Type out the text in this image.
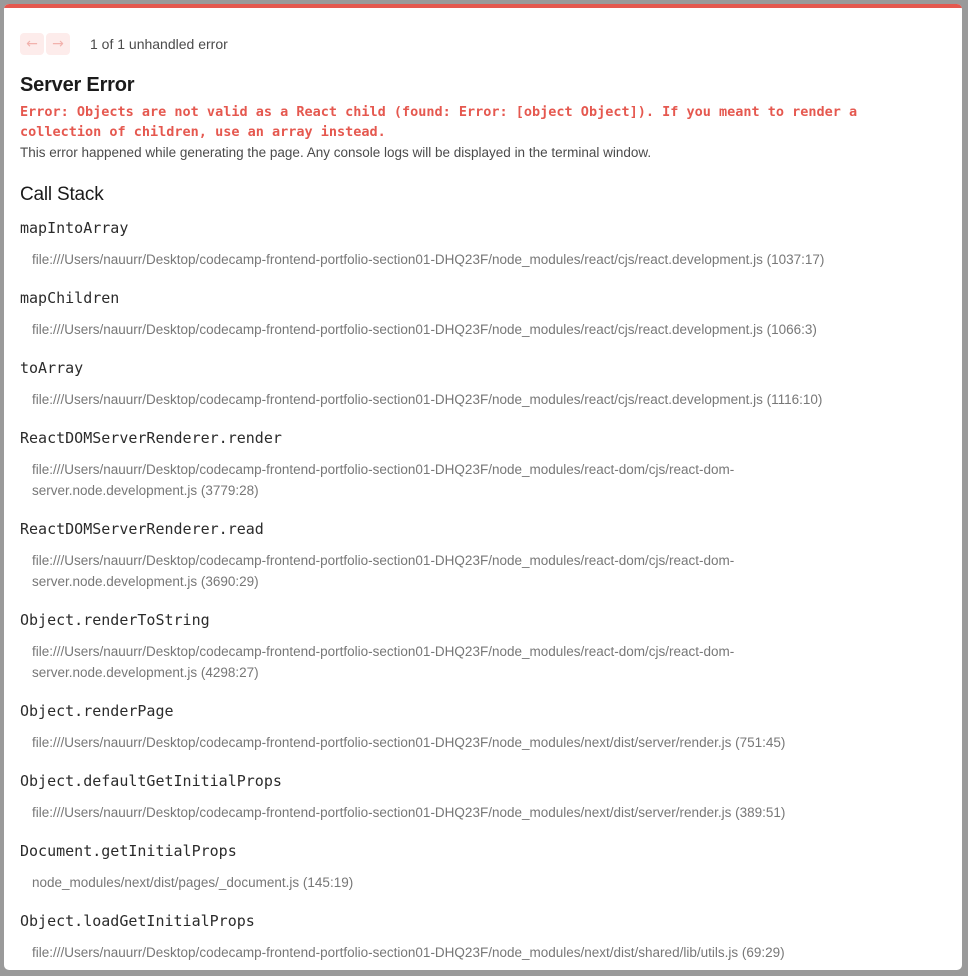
← → 1 of 1 unhandled error
Server Error
Error: Objects are not valid as a React child (found: Error: [object Object]). If you meant to render a
collection of children, use an array instead.
This error happened while generating the page. Any console logs will be displayed in the terminal window.
Call Stack
mapIntoArray
file:///Users/nauurr/Desktop/codecamp-frontend-portfolio-section01-DHQ23F/node_modules/react/cjs/react.development.js (1037:17)
mapChildren
file:///Users/nauurr/Desktop/codecamp-frontend-portfolio-section01-DHQ23F/node_modules/react/cjs/react.development.js (1066:3)
toArray
file:///Users/nauurr/Desktop/codecamp-frontend-portfolio-section01-DHQ23F/node_modules/react/cjs/react.development.js (1116:10)
ReactDOMServerRenderer.render
file:///Users/nauurr/Desktop/codecamp-frontend-portfolio-section01-DHQ23F/node_modules/react-dom/cjs/react-dom-server.node.development.js (3779:28)
ReactDOMServerRenderer.read
file:///Users/nauurr/Desktop/codecamp-frontend-portfolio-section01-DHQ23F/node_modules/react-dom/cjs/react-dom-server.node.development.js (3690:29)
Object.renderToString
file:///Users/nauurr/Desktop/codecamp-frontend-portfolio-section01-DHQ23F/node_modules/react-dom/cjs/react-dom-server.node.development.js (4298:27)
Object.renderPage
file:///Users/nauurr/Desktop/codecamp-frontend-portfolio-section01-DHQ23F/node_modules/next/dist/server/render.js (751:45)
Object.defaultGetInitialProps
file:///Users/nauurr/Desktop/codecamp-frontend-portfolio-section01-DHQ23F/node_modules/next/dist/server/render.js (389:51)
Document.getInitialProps
node_modules/next/dist/pages/_document.js (145:19)
Object.loadGetInitialProps
file:///Users/nauurr/Desktop/codecamp-frontend-portfolio-section01-DHQ23F/node_modules/next/dist/shared/lib/utils.js (69:29)
